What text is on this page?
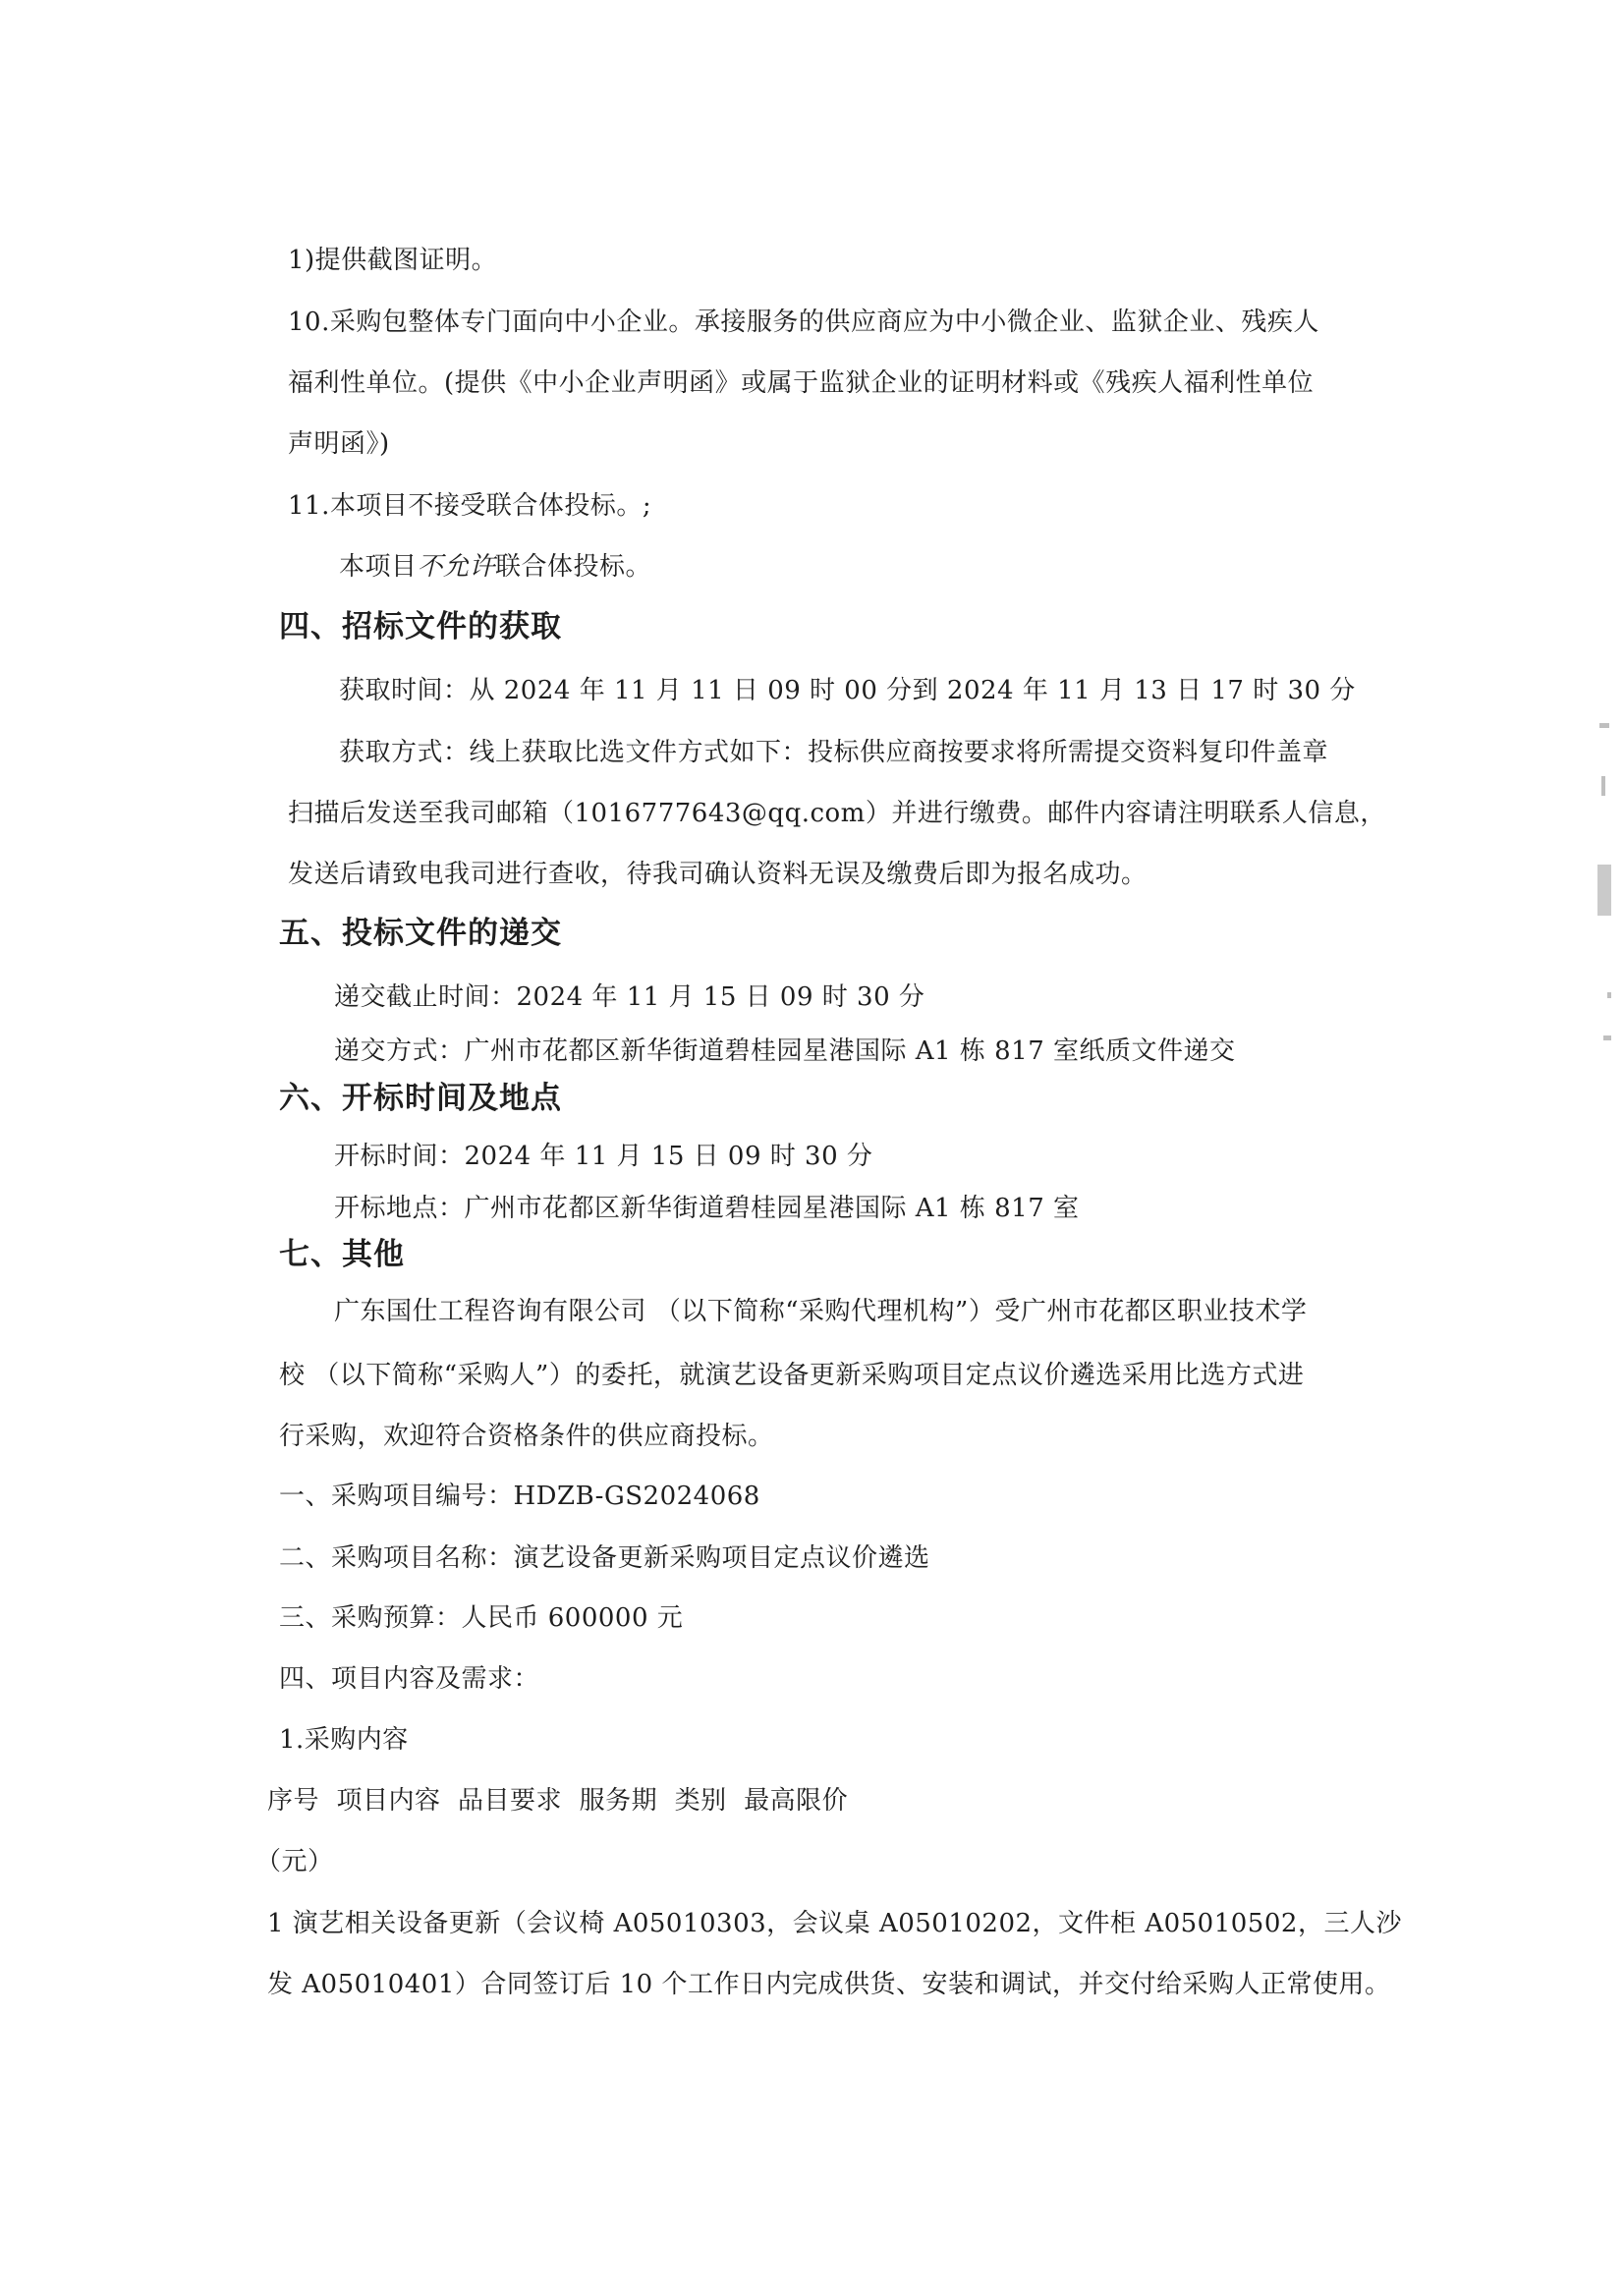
1)提供截图证明。
10.采购包整体专门面向中小企业。承接服务的供应商应为中小微企业、监狱企业、残疾人
福利性单位。(提供《中小企业声明函》或属于监狱企业的证明材料或《残疾人福利性单位
声明函》)
11.本项目不接受联合体投标。;
本项目不允许联合体投标。
四、招标文件的获取
获取时间：从 2024 年 11 月 11 日 09 时 00 分到 2024 年 11 月 13 日 17 时 30 分
获取方式：线上获取比选文件方式如下：投标供应商按要求将所需提交资料复印件盖章
扫描后发送至我司邮箱（1016777643@qq.com）并进行缴费。邮件内容请注明联系人信息，
发送后请致电我司进行查收，待我司确认资料无误及缴费后即为报名成功。
五、投标文件的递交
递交截止时间：2024 年 11 月 15 日 09 时 30 分
递交方式：广州市花都区新华街道碧桂园星港国际 A1 栋 817 室纸质文件递交
六、开标时间及地点
开标时间：2024 年 11 月 15 日 09 时 30 分
开标地点：广州市花都区新华街道碧桂园星港国际 A1 栋 817 室
七、其他
广东国仕工程咨询有限公司 （以下简称“采购代理机构”）受广州市花都区职业技术学
校 （以下简称“采购人”）的委托，就演艺设备更新采购项目定点议价遴选采用比选方式进
行采购，欢迎符合资格条件的供应商投标。
一、采购项目编号：HDZB-GS2024068
二、采购项目名称：演艺设备更新采购项目定点议价遴选
三、采购预算：人民币 600000 元
四、项目内容及需求：
1.采购内容
序号  项目内容  品目要求  服务期  类别  最高限价
（元）
1 演艺相关设备更新（会议椅 A05010303，会议桌 A05010202，文件柜 A05010502，三人沙
发 A05010401）合同签订后 10 个工作日内完成供货、安装和调试，并交付给采购人正常使用。
